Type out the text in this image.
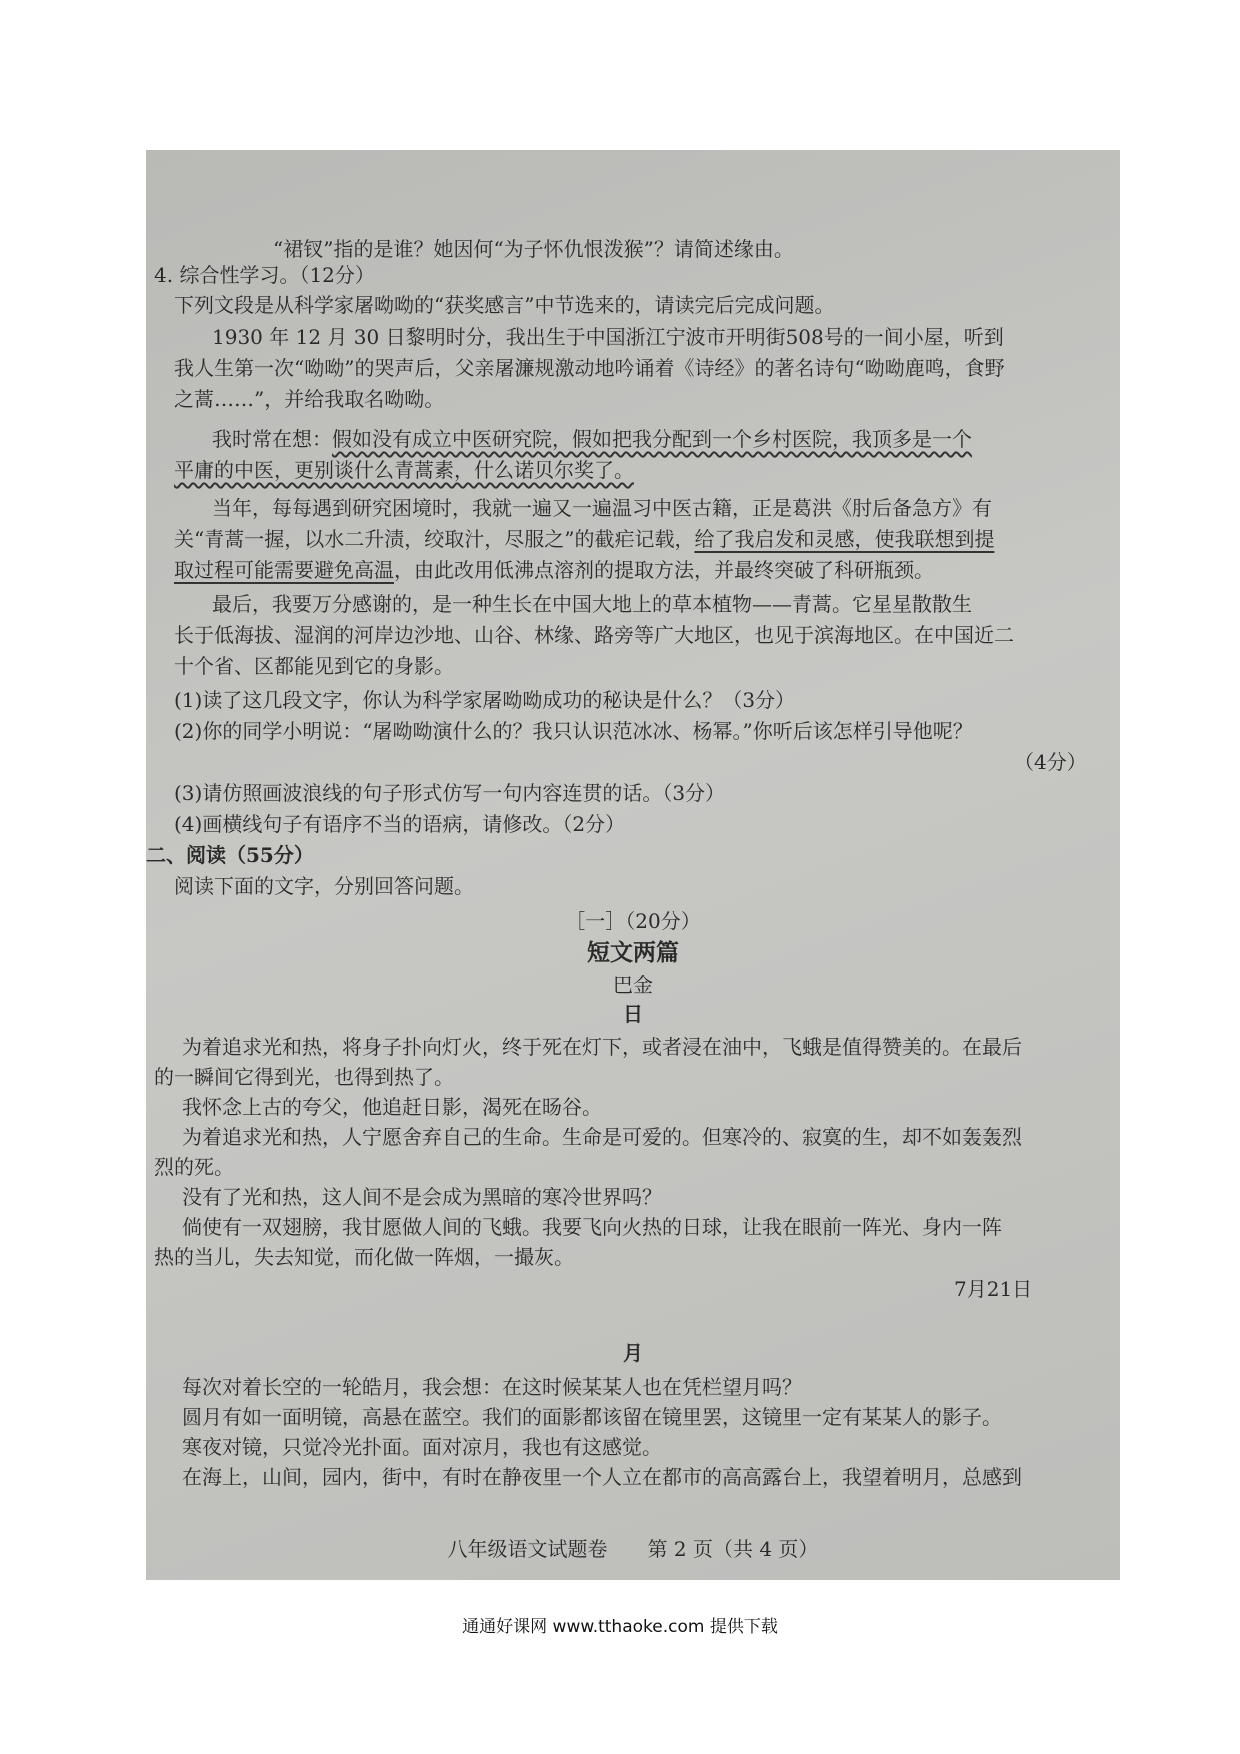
“裙钗”指的是谁？她因何“为子怀仇恨泼猴”？请简述缘由。
4. 综合性学习。（12分）
下列文段是从科学家屠呦呦的“获奖感言”中节选来的，请读完后完成问题。
1930 年 12 月 30 日黎明时分，我出生于中国浙江宁波市开明街508号的一间小屋，听到
我人生第一次“呦呦”的哭声后，父亲屠濂规激动地吟诵着《诗经》的著名诗句“呦呦鹿鸣，食野
之蒿……”，并给我取名呦呦。
我时常在想：假如没有成立中医研究院，假如把我分配到一个乡村医院，我顶多是一个
平庸的中医，更别谈什么青蒿素，什么诺贝尔奖了。
当年，每每遇到研究困境时，我就一遍又一遍温习中医古籍，正是葛洪《肘后备急方》有
关“青蒿一握，以水二升渍，绞取汁，尽服之”的截疟记载，给了我启发和灵感，使我联想到提
取过程可能需要避免高温，由此改用低沸点溶剂的提取方法，并最终突破了科研瓶颈。
最后，我要万分感谢的，是一种生长在中国大地上的草本植物——青蒿。它星星散散生
长于低海拔、湿润的河岸边沙地、山谷、林缘、路旁等广大地区，也见于滨海地区。在中国近二
十个省、区都能见到它的身影。
(1)读了这几段文字，你认为科学家屠呦呦成功的秘诀是什么？（3分）
(2)你的同学小明说：“屠呦呦演什么的？我只认识范冰冰、杨幂。”你听后该怎样引导他呢？
（4分）
(3)请仿照画波浪线的句子形式仿写一句内容连贯的话。（3分）
(4)画横线句子有语序不当的语病，请修改。（2分）
二、阅读（55分）
阅读下面的文字，分别回答问题。
［一］（20分）
短文两篇
巴金
日
为着追求光和热，将身子扑向灯火，终于死在灯下，或者浸在油中，飞蛾是值得赞美的。在最后
的一瞬间它得到光，也得到热了。
我怀念上古的夸父，他追赶日影，渴死在旸谷。
为着追求光和热，人宁愿舍弃自己的生命。生命是可爱的。但寒冷的、寂寞的生，却不如轰轰烈
烈的死。
没有了光和热，这人间不是会成为黑暗的寒冷世界吗？
倘使有一双翅膀，我甘愿做人间的飞蛾。我要飞向火热的日球，让我在眼前一阵光、身内一阵
热的当儿，失去知觉，而化做一阵烟，一撮灰。
7月21日
月
每次对着长空的一轮皓月，我会想：在这时候某某人也在凭栏望月吗？
圆月有如一面明镜，高悬在蓝空。我们的面影都该留在镜里罢，这镜里一定有某某人的影子。
寒夜对镜，只觉冷光扑面。面对凉月，我也有这感觉。
在海上，山间，园内，街中，有时在静夜里一个人立在都市的高高露台上，我望着明月，总感到
八年级语文试题卷　　第 2 页（共 4 页）
通通好课网 www.tthaoke.com 提供下载
